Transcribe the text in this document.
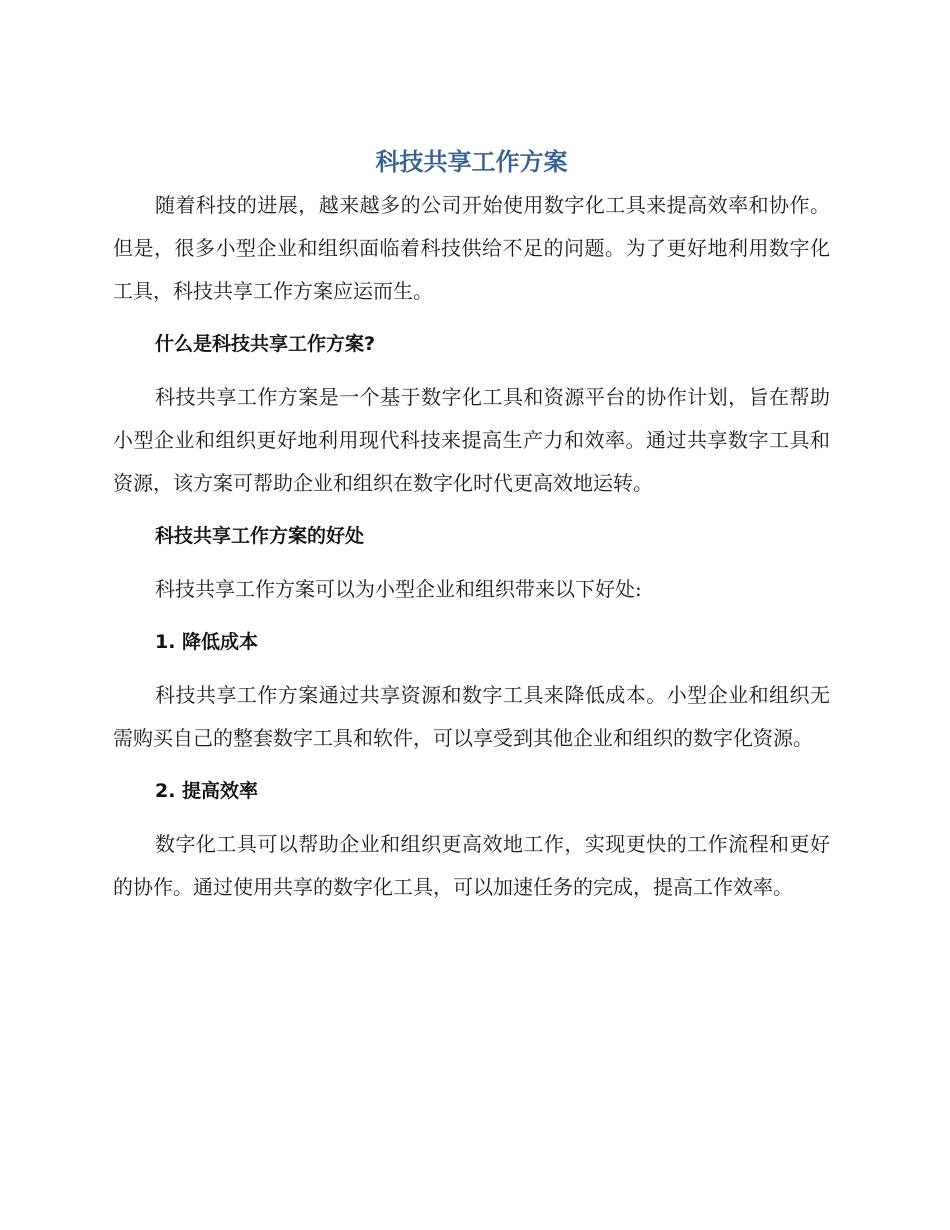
科技共享工作方案

随着科技的进展，越来越多的公司开始使用数字化工具来提高效率和协作。但是，很多小型企业和组织面临着科技供给不足的问题。为了更好地利用数字化工具，科技共享工作方案应运而生。

什么是科技共享工作方案?

科技共享工作方案是一个基于数字化工具和资源平台的协作计划，旨在帮助小型企业和组织更好地利用现代科技来提高生产力和效率。通过共享数字工具和资源，该方案可帮助企业和组织在数字化时代更高效地运转。

科技共享工作方案的好处

科技共享工作方案可以为小型企业和组织带来以下好处:

1. 降低成本

科技共享工作方案通过共享资源和数字工具来降低成本。小型企业和组织无需购买自己的整套数字工具和软件，可以享受到其他企业和组织的数字化资源。

2. 提高效率

数字化工具可以帮助企业和组织更高效地工作，实现更快的工作流程和更好的协作。通过使用共享的数字化工具，可以加速任务的完成，提高工作效率。
